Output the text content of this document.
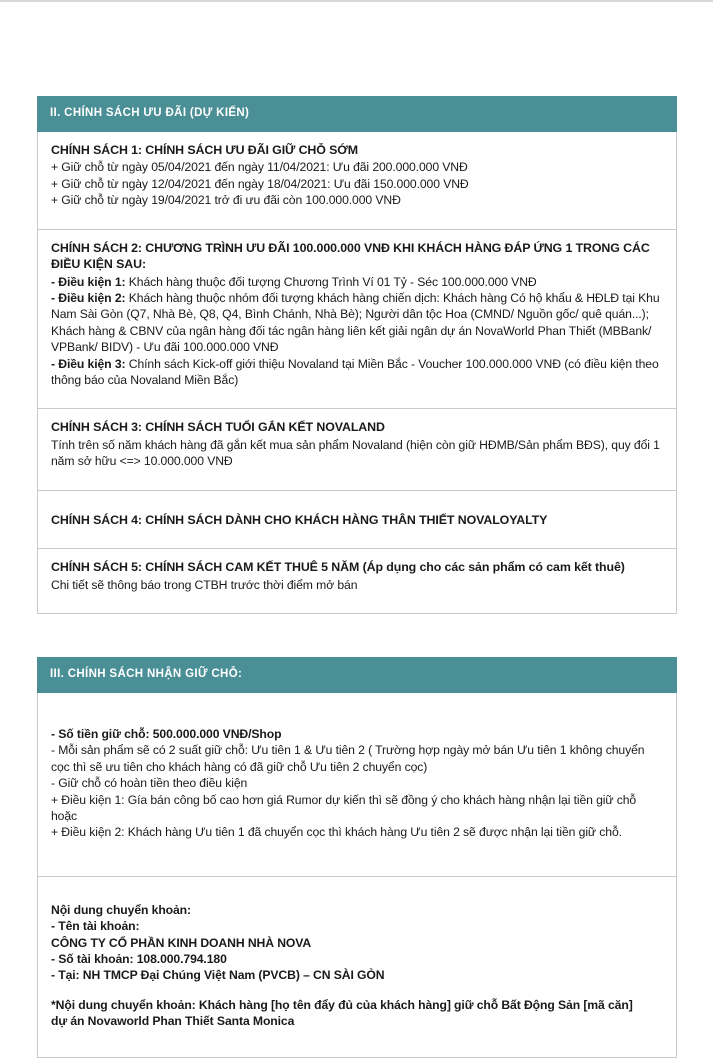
II. CHÍNH SÁCH ƯU ĐÃI (DỰ KIẾN)
CHÍNH SÁCH 1: CHÍNH SÁCH ƯU ĐÃI GIỮ CHỖ SỚM
+ Giữ chỗ từ ngày 05/04/2021 đến ngày 11/04/2021: Ưu đãi 200.000.000 VNĐ
+ Giữ chỗ từ ngày 12/04/2021 đến ngày 18/04/2021: Ưu đãi 150.000.000 VNĐ
+ Giữ chỗ từ ngày 19/04/2021 trở đi ưu đãi còn 100.000.000 VNĐ
CHÍNH SÁCH 2: CHƯƠNG TRÌNH ƯU ĐÃI 100.000.000 VNĐ KHI KHÁCH HÀNG ĐÁP ỨNG 1 TRONG CÁC ĐIỀU KIỆN SAU:
- Điều kiện 1: Khách hàng thuộc đối tượng Chương Trình Ví 01 Tỷ - Séc 100.000.000 VNĐ
- Điều kiện 2: Khách hàng thuộc nhóm đối tượng khách hàng chiến dịch: Khách hàng Có hộ khẩu & HĐLĐ tại Khu Nam Sài Gòn (Q7, Nhà Bè, Q8, Q4, Bình Chánh, Nhà Bè); Người dân tộc Hoa (CMND/ Nguồn gốc/ quê quán...); Khách hàng & CBNV của ngân hàng đối tác ngân hàng liên kết giải ngân dự án NovaWorld Phan Thiết (MBBank/ VPBank/ BIDV) - Ưu đãi 100.000.000 VNĐ
- Điều kiện 3: Chính sách Kick-off giới thiệu Novaland tại Miền Bắc - Voucher 100.000.000 VNĐ (có điều kiện theo thông báo của Novaland Miền Bắc)
CHÍNH SÁCH 3: CHÍNH SÁCH TUỔI GẮN KẾT NOVALAND
Tính trên số năm khách hàng đã gắn kết mua sản phẩm Novaland (hiện còn giữ HĐMB/Sản phẩm BĐS), quy đổi 1 năm sở hữu <=> 10.000.000 VNĐ
CHÍNH SÁCH 4: CHÍNH SÁCH DÀNH CHO KHÁCH HÀNG THÂN THIẾT NOVALOYALTY
CHÍNH SÁCH 5: CHÍNH SÁCH CAM KẾT THUÊ 5 NĂM (Áp dụng cho các sản phẩm có cam kết thuê)
Chi tiết sẽ thông báo trong CTBH trước thời điểm mở bán
III. CHÍNH SÁCH NHẬN GIỮ CHỖ:
- Số tiền giữ chỗ: 500.000.000 VNĐ/Shop
- Mỗi sản phẩm sẽ có 2 suất giữ chỗ: Ưu tiên 1 & Ưu tiên 2 ( Trường hợp ngày mở bán Ưu tiên 1 không chuyển cọc thì sẽ ưu tiên cho khách hàng có đã giữ chỗ Ưu tiên 2 chuyển cọc)
- Giữ chỗ có hoàn tiền theo điều kiện
+ Điều kiện 1: Gía bán công bố cao hơn giá Rumor dự kiến thì sẽ đồng ý cho khách hàng nhận lại tiền giữ chỗ hoặc
+ Điều kiện 2: Khách hàng Ưu tiên 1 đã chuyển cọc thì khách hàng Ưu tiên 2 sẽ được nhận lại tiền giữ chỗ.
Nội dung chuyển khoản:
- Tên tài khoản:
CÔNG TY CỔ PHẦN KINH DOANH NHÀ NOVA
- Số tài khoản: 108.000.794.180
- Tại: NH TMCP Đại Chúng Việt Nam (PVCB) – CN SÀI GÒN
*Nội dung chuyển khoản: Khách hàng [họ tên đẩy đủ của khách hàng] giữ chỗ Bất Động Sản [mã căn]
dự án Novaworld Phan Thiết Santa Monica
